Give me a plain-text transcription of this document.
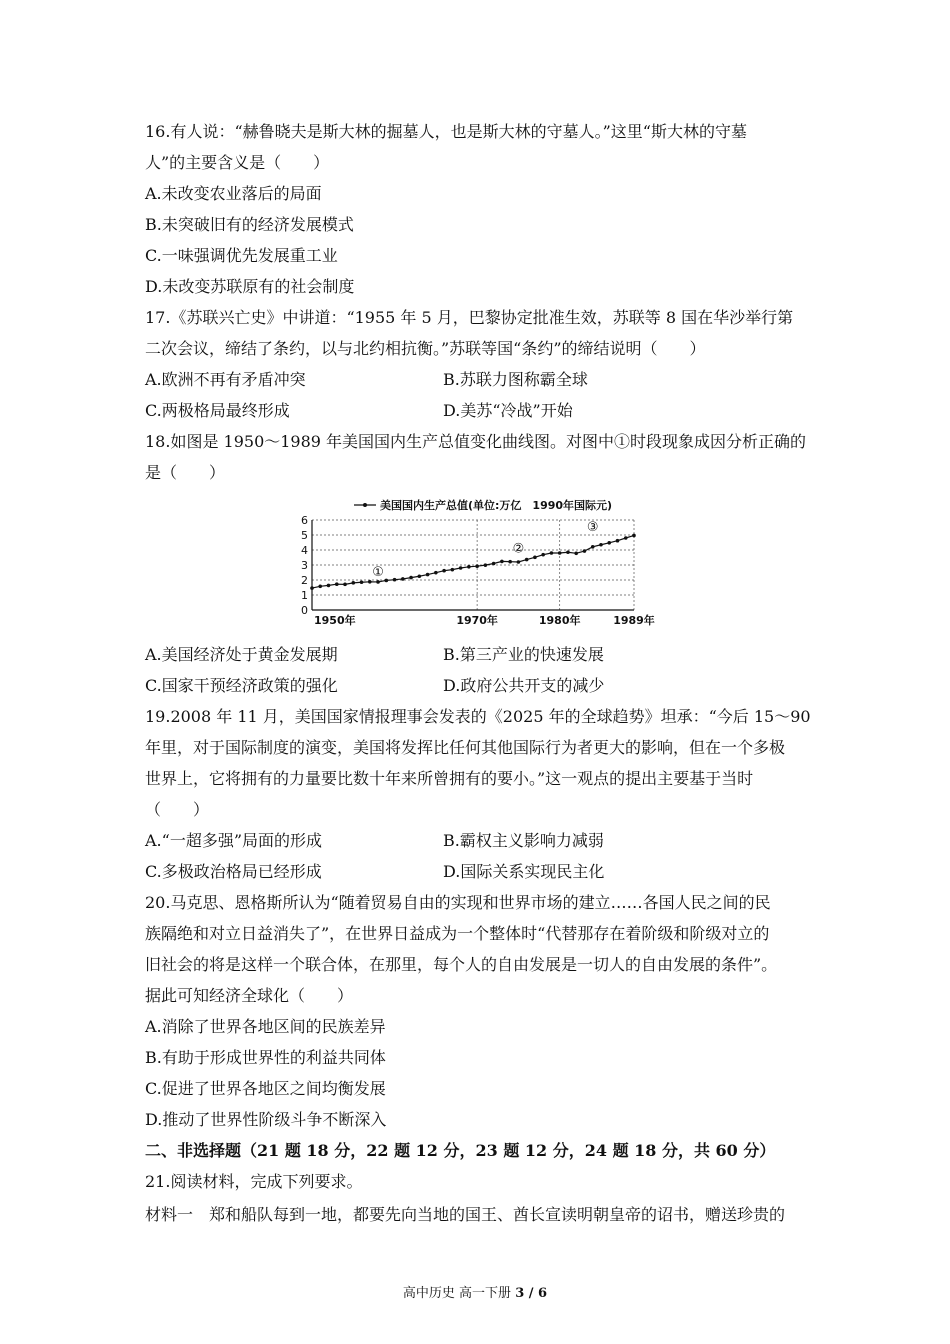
16.有人说：“赫鲁晓夫是斯大林的掘墓人，也是斯大林的守墓人。”这里“斯大林的守墓
人”的主要含义是（　　）
A.未改变农业落后的局面
B.未突破旧有的经济发展模式
C.一味强调优先发展重工业
D.未改变苏联原有的社会制度
17.《苏联兴亡史》中讲道：“1955 年 5 月，巴黎协定批准生效，苏联等 8 国在华沙举行第
二次会议，缔结了条约，以与北约相抗衡。”苏联等国“条约”的缔结说明（　　）
A.欧洲不再有矛盾冲突	B.苏联力图称霸全球
C.两极格局最终形成	D.美苏“冷战”开始
18.如图是 1950～1989 年美国国内生产总值变化曲线图。对图中①时段现象成因分析正确的
是（　　）
美国国内生产总值(单位:万亿　1990年国际元)
0
1
2
3
4
5
6
1950年	1970年	1980年	1989年
①
②
③
A.美国经济处于黄金发展期	B.第三产业的快速发展
C.国家干预经济政策的强化	D.政府公共开支的减少
19.2008 年 11 月，美国国家情报理事会发表的《2025 年的全球趋势》坦承：“今后 15～90
年里，对于国际制度的演变，美国将发挥比任何其他国际行为者更大的影响，但在一个多极
世界上，它将拥有的力量要比数十年来所曾拥有的要小。”这一观点的提出主要基于当时
（　　）
A.“一超多强”局面的形成	B.霸权主义影响力减弱
C.多极政治格局已经形成	D.国际关系实现民主化
20.马克思、恩格斯所认为“随着贸易自由的实现和世界市场的建立……各国人民之间的民
族隔绝和对立日益消失了”，在世界日益成为一个整体时“代替那存在着阶级和阶级对立的
旧社会的将是这样一个联合体，在那里，每个人的自由发展是一切人的自由发展的条件”。
据此可知经济全球化（　　）
A.消除了世界各地区间的民族差异
B.有助于形成世界性的利益共同体
C.促进了世界各地区之间均衡发展
D.推动了世界性阶级斗争不断深入
二、非选择题（21 题 18 分，22 题 12 分，23 题 12 分，24 题 18 分，共 60 分）
21.阅读材料，完成下列要求。
材料一　郑和船队每到一地，都要先向当地的国王、酋长宣读明朝皇帝的诏书，赠送珍贵的
高中历史 高一下册 3 / 6
